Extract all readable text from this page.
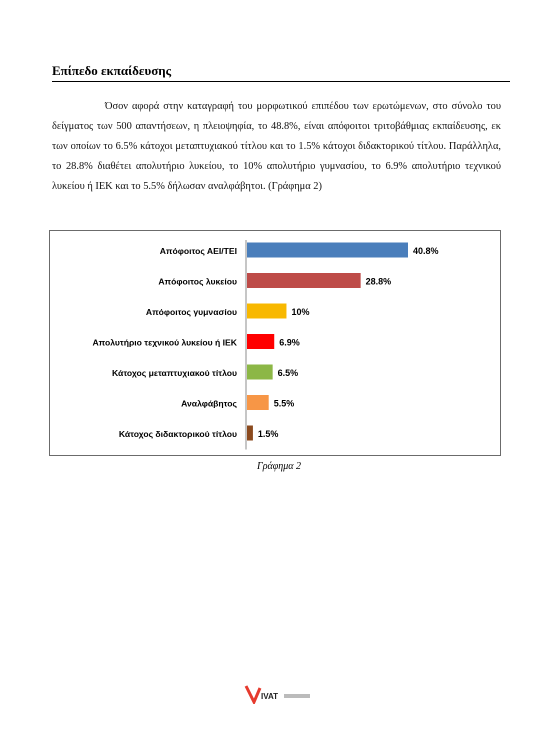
Επίπεδο εκπαίδευσης
Όσον αφορά στην καταγραφή του μορφωτικού επιπέδου των ερωτώμενων, στο σύνολο του δείγματος των 500 απαντήσεων, η πλειοψηφία, το 48.8%, είναι απόφοιτοι τριτοβάθμιας εκπαίδευσης, εκ των οποίων το 6.5% κάτοχοι μεταπτυχιακού τίτλου και το 1.5% κάτοχοι διδακτορικού τίτλου. Παράλληλα, το 28.8% διαθέτει απολυτήριο λυκείου, το 10% απολυτήριο γυμνασίου, το 6.9% απολυτήριο τεχνικού λυκείου ή ΙΕΚ και το 5.5% δήλωσαν αναλφάβητοι. (Γράφημα 2)
Απόφοιτος ΑΕΙ/ΤΕΙ	40.8%
Απόφοιτος λυκείου	28.8%
Απόφοιτος γυμνασίου	10%
Απολυτήριο τεχνικού λυκείου ή ΙΕΚ	6.9%
Κάτοχος μεταπτυχιακού τίτλου	6.5%
Αναλφάβητος	5.5%
Κάτοχος διδακτορικού τίτλου 1.5%
Γράφημα 2
IVAT
